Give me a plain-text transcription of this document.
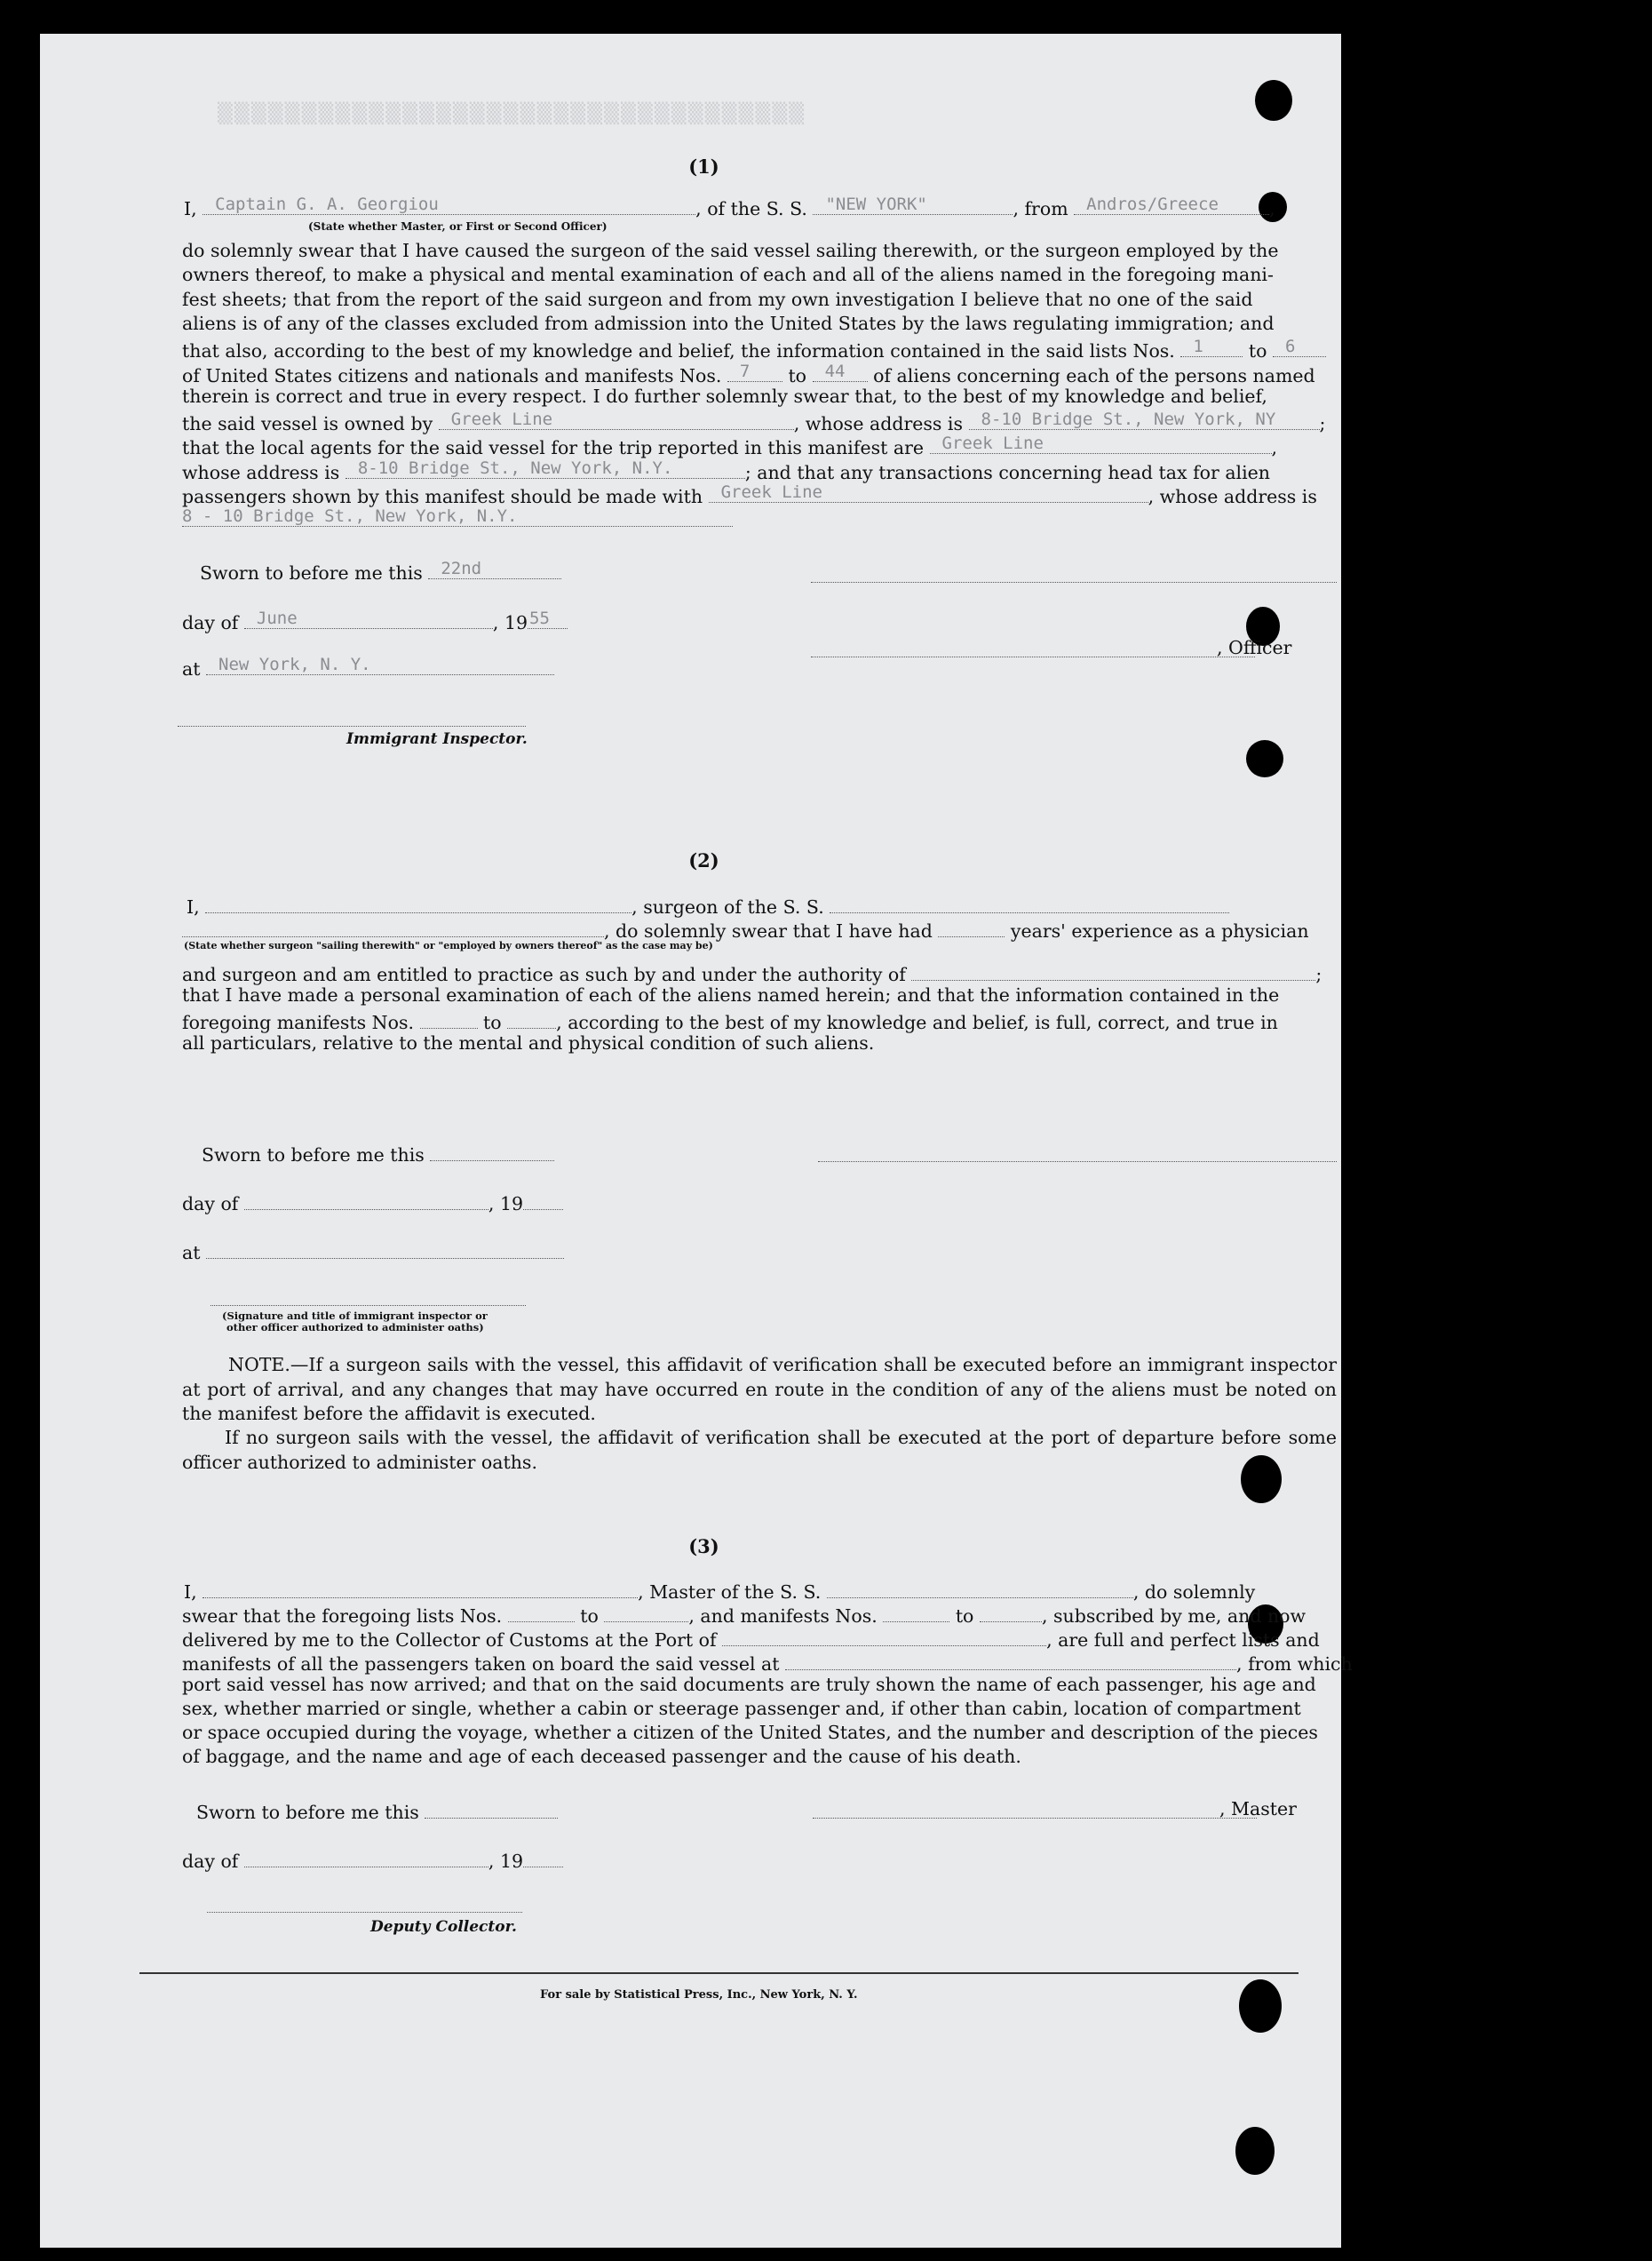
▒▒▒▒▒▒▒▒▒▒▒▒▒▒▒▒▒▒▒▒▒▒▒▒▒▒▒▒▒▒▒▒▒▒▒
(1)
I, Captain G. A. Georgiou	, of the S. S. "NEW YORK"	, from Andros/Greece	,
(State whether Master, or First or Second Officer)
do solemnly swear that I have caused the surgeon of the said vessel sailing therewith, or the surgeon employed by the
owners thereof, to make a physical and mental examination of each and all of the aliens named in the foregoing mani-
fest sheets; that from the report of the said surgeon and from my own investigation I believe that no one of the said
aliens is of any of the classes excluded from admission into the United States by the laws regulating immigration; and
that also, according to the best of my knowledge and belief, the information contained in the said lists Nos. 1 to 6
of United States citizens and nationals and manifests Nos. 7 to 44 of aliens concerning each of the persons named
therein is correct and true in every respect. I do further solemnly swear that, to the best of my knowledge and belief,
the said vessel is owned by Greek Line	, whose address is 8-10 Bridge St., New York, NY ;
that the local agents for the said vessel for the trip reported in this manifest are Greek Line	,
whose address is 8-10 Bridge St., New York, N.Y.	; and that any transactions concerning head tax for alien
passengers shown by this manifest should be made with Greek Line	, whose address is
8 - 10 Bridge St., New York, N.Y.
Sworn to before me this 22nd
day of June	, 19 55
, Officer
at New York, N. Y.
Immigrant Inspector.
(2)
I,	, surgeon of the S. S.
, do solemnly swear that I have had	years' experience as a physician
(State whether surgeon "sailing therewith" or "employed by owners thereof" as the case may be)
and surgeon and am entitled to practice as such by and under the authority of	;
that I have made a personal examination of each of the aliens named herein; and that the information contained in the
foregoing manifests Nos.	to	, according to the best of my knowledge and belief, is full, correct, and true in
all particulars, relative to the mental and physical condition of such aliens.
Sworn to before me this
day of	, 19
at
(Signature and title of immigrant inspector or
other officer authorized to administer oaths)
NOTE.—If a surgeon sails with the vessel, this affidavit of verification shall be executed before an immigrant inspector at port of arrival, and any changes that may have occurred en route in the condition of any of the aliens must be noted on the manifest before the affidavit is executed.
If no surgeon sails with the vessel, the affidavit of verification shall be executed at the port of departure before some officer authorized to administer oaths.
(3)
I,	, Master of the S. S.	, do solemnly
swear that the foregoing lists Nos.	to	, and manifests Nos.	to	, subscribed by me, and now
delivered by me to the Collector of Customs at the Port of	, are full and perfect lists and
manifests of all the passengers taken on board the said vessel at	, from which
port said vessel has now arrived; and that on the said documents are truly shown the name of each passenger, his age and
sex, whether married or single, whether a cabin or steerage passenger and, if other than cabin, location of compartment
or space occupied during the voyage, whether a citizen of the United States, and the number and description of the pieces
of baggage, and the name and age of each deceased passenger and the cause of his death.
Sworn to before me this	, Master
day of	, 19
Deputy Collector.
For sale by Statistical Press, Inc., New York, N. Y.
